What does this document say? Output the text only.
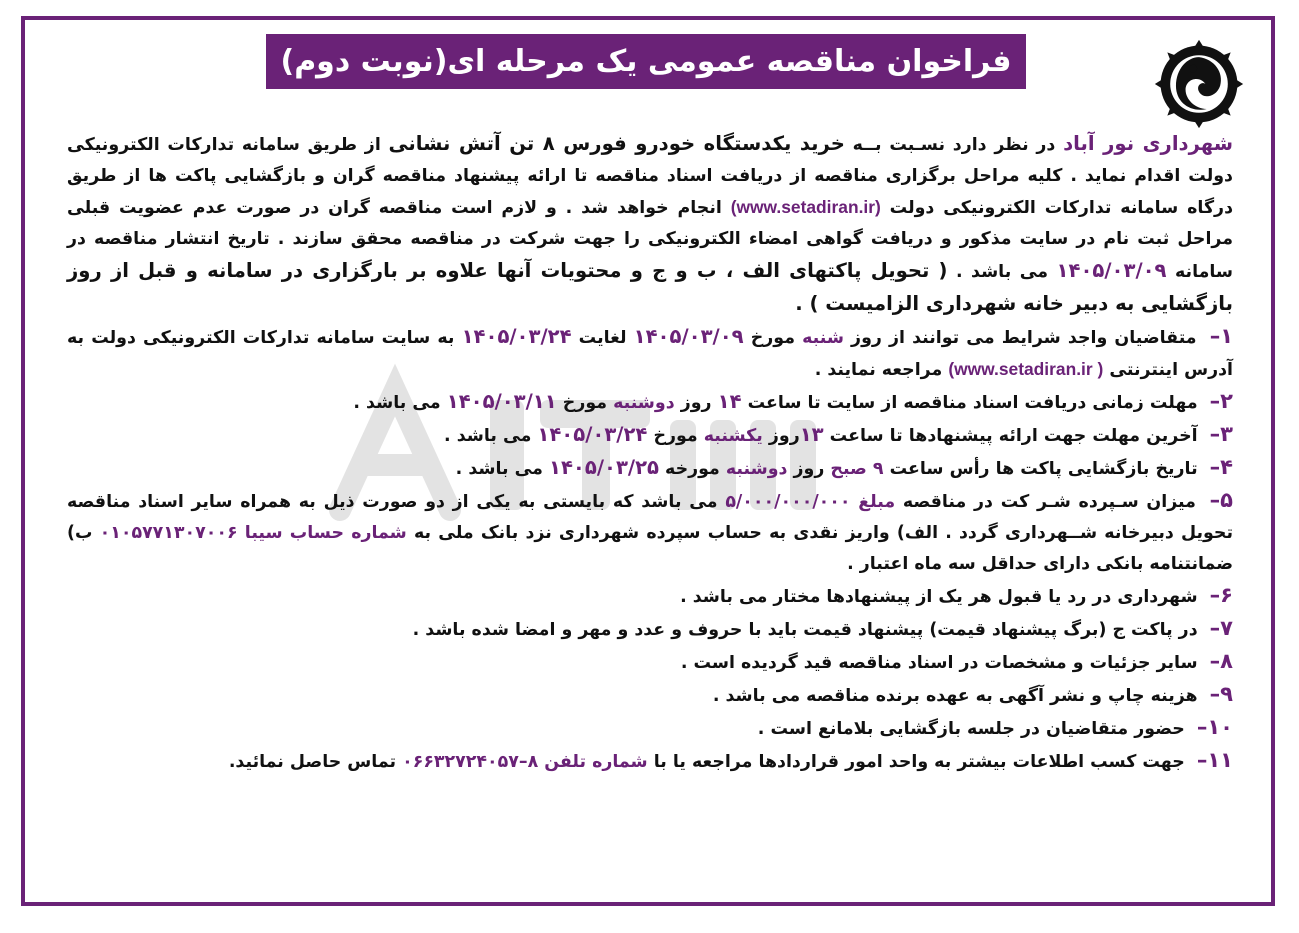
فراخوان مناقصه عمومی یک مرحله ای(نوبت دوم)

شهرداری نور آباد در نظر دارد نسـبت بــه خرید یکدستگاه خودرو فورس ۸ تن آتش نشانی از طریق سامانه تدارکات الکترونیکی دولت اقدام نماید . کلیه مراحل برگزاری مناقصه از دریافت اسناد مناقصه تا ارائه پیشنهاد مناقصه گران و بازگشایی پاکت ها از طریق درگاه سامانه تدارکات الکترونیکی دولت (www.setadiran.ir) انجام خواهد شد . و لازم است مناقصه گران در صورت عدم عضویت قبلی مراحل ثبت نام در سایت مذکور و دریافت گواهی امضاء الکترونیکی را جهت شرکت در مناقصه محقق سازند . تاریخ انتشار مناقصه در سامانه ۱۴۰۵/۰۳/۰۹ می باشد . ( تحویل پاکتهای الف ، ب و ج و محتویات آنها علاوه بر بارگزاری در سامانه و قبل از روز بازگشایی به دبیر خانه شهرداری الزامیست ) .

۱– متقاضیان واجد شرایط می توانند از روز شنبه مورخ ۱۴۰۵/۰۳/۰۹ لغایت ۱۴۰۵/۰۳/۲۴ به سایت سامانه تدارکات الکترونیکی دولت به آدرس اینترنتی ( www.setadiran.ir) مراجعه نمایند .
۲– مهلت زمانی دریافت اسناد مناقصه از سایت تا ساعت ۱۴ روز دوشنبه مورخ ۱۴۰۵/۰۳/۱۱ می باشد .
۳– آخرین مهلت جهت ارائه پیشنهادها تا ساعت ۱۳روز یکشنبه مورخ ۱۴۰۵/۰۳/۲۴ می باشد .
۴– تاریخ بازگشایی پاکت ها رأس ساعت ۹ صبح روز دوشنبه مورخه ۱۴۰۵/۰۳/۲۵ می باشد .
۵– میزان سـپرده شـر کت در مناقصه مبلغ ۵/۰۰۰/۰۰۰/۰۰۰ می باشد که بایستی به یکی از دو صورت ذیل به همراه سایر اسناد مناقصه تحویل دبیرخانه شــهرداری گردد . الف) واریز نقدی به حساب سپرده شهرداری نزد بانک ملی به شماره حساب سیبا ۰۱۰۵۷۷۱۳۰۷۰۰۶ ب) ضمانتنامه بانکی دارای حداقل سه ماه اعتبار .
۶– شهرداری در رد یا قبول هر یک از پیشنهادها مختار می باشد .
۷– در پاکت ج (برگ پیشنهاد قیمت) پیشنهاد قیمت باید با حروف و عدد و مهر و امضا شده باشد .
۸– سایر جزئیات و مشخصات در اسناد مناقصه قید گردیده است .
۹– هزینه چاپ و نشر آگهی به عهده برنده مناقصه می باشد .
۱۰– حضور متقاضیان در جلسه بازگشایی بلامانع است .
۱۱– جهت کسب اطلاعات بیشتر به واحد امور قراردادها مراجعه یا با شماره تلفن ۸–۰۶۶۳۲۷۲۴۰۵۷ تماس حاصل نمائید.
